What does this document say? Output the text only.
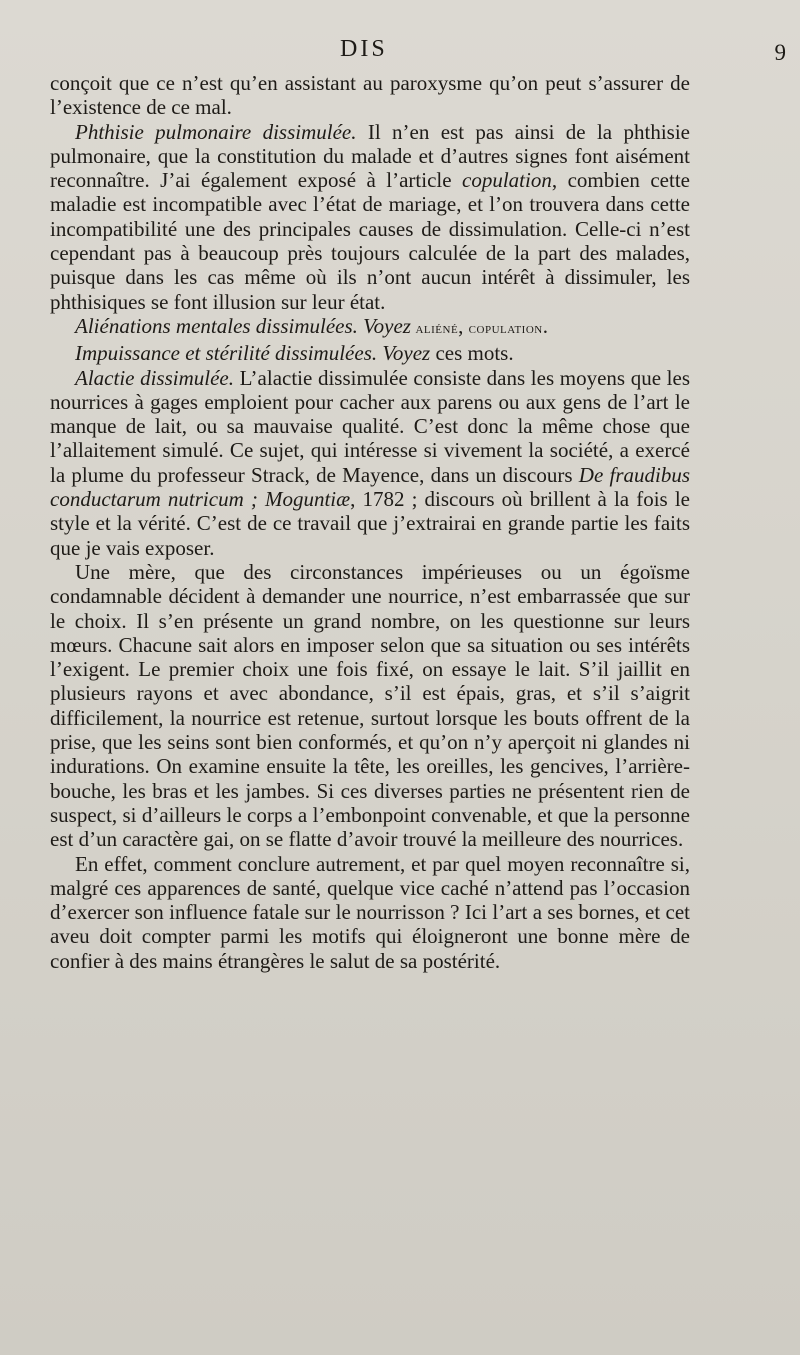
DIS	9

conçoit que ce n’est qu’en assistant au paroxysme qu’on peut s’assurer de l’existence de ce mal.

Phthisie pulmonaire dissimulée. Il n’en est pas ainsi de la phthisie pulmonaire, que la constitution du malade et d’autres signes font aisément reconnaître. J’ai également exposé à l’article copulation, combien cette maladie est incompatible avec l’état de mariage, et l’on trouvera dans cette incompatibilité une des principales causes de dissimulation. Celle-ci n’est cependant pas à beaucoup près toujours calculée de la part des malades, puisque dans les cas même où ils n’ont aucun intérêt à dissimuler, les phthisiques se font illusion sur leur état.

Aliénations mentales dissimulées. Voyez aliéné, copulation.

Impuissance et stérilité dissimulées. Voyez ces mots.

Alactie dissimulée. L’alactie dissimulée consiste dans les moyens que les nourrices à gages emploient pour cacher aux parens ou aux gens de l’art le manque de lait, ou sa mauvaise qualité. C’est donc la même chose que l’allaitement simulé. Ce sujet, qui intéresse si vivement la société, a exercé la plume du professeur Strack, de Mayence, dans un discours De fraudibus conductarum nutricum ; Moguntiæ, 1782 ; discours où brillent à la fois le style et la vérité. C’est de ce travail que j’extrairai en grande partie les faits que je vais exposer.

Une mère, que des circonstances impérieuses ou un égoïsme condamnable décident à demander une nourrice, n’est embarrassée que sur le choix. Il s’en présente un grand nombre, on les questionne sur leurs mœurs. Chacune sait alors en imposer selon que sa situation ou ses intérêts l’exigent. Le premier choix une fois fixé, on essaye le lait. S’il jaillit en plusieurs rayons et avec abondance, s’il est épais, gras, et s’il s’aigrit difficilement, la nourrice est retenue, surtout lorsque les bouts offrent de la prise, que les seins sont bien conformés, et qu’on n’y aperçoit ni glandes ni indurations. On examine ensuite la tête, les oreilles, les gencives, l’arrière-bouche, les bras et les jambes. Si ces diverses parties ne présentent rien de suspect, si d’ailleurs le corps a l’embonpoint convenable, et que la personne est d’un caractère gai, on se flatte d’avoir trouvé la meilleure des nourrices.

En effet, comment conclure autrement, et par quel moyen reconnaître si, malgré ces apparences de santé, quelque vice caché n’attend pas l’occasion d’exercer son influence fatale sur le nourrisson ? Ici l’art a ses bornes, et cet aveu doit compter parmi les motifs qui éloigneront une bonne mère de confier à des mains étrangères le salut de sa postérité.
